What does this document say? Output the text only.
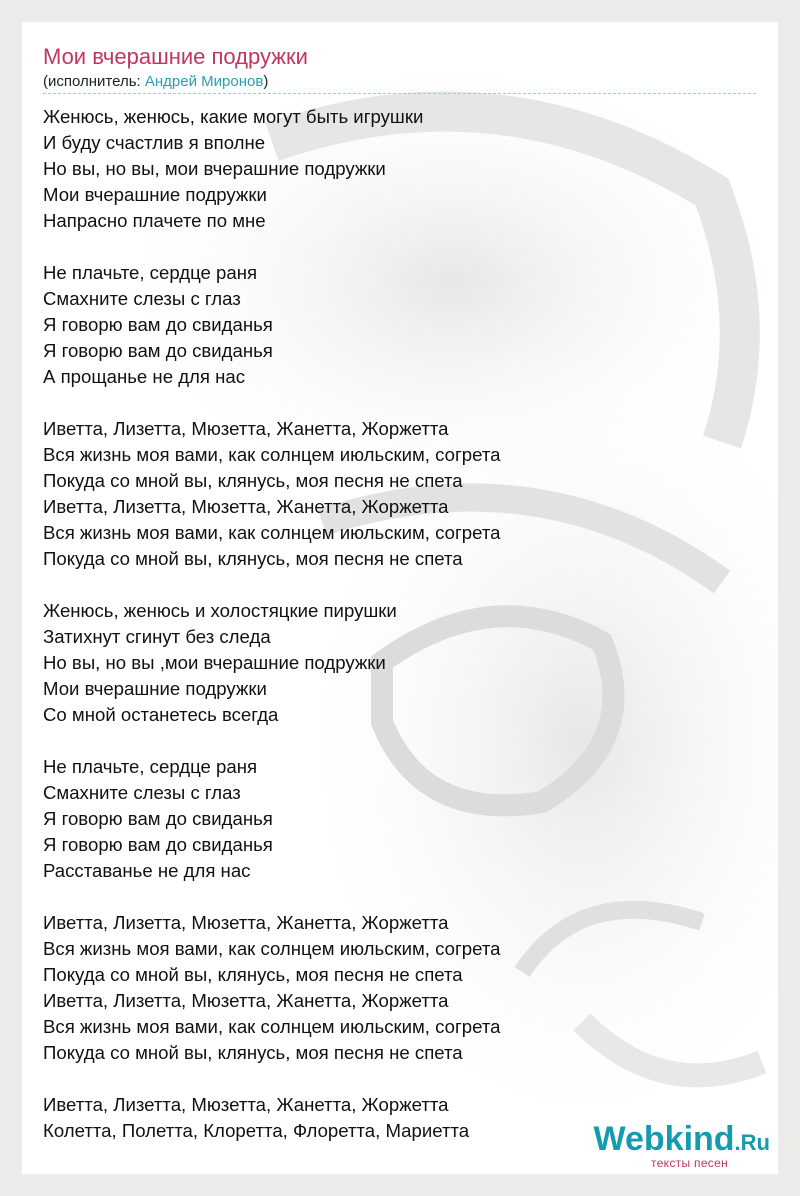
Мои вчерашние подружки
(исполнитель: Андрей Миронов)
Женюсь, женюсь, какие могут быть игрушки
И буду счастлив я вполне
Но вы, но вы, мои вчерашние подружки
Мои вчерашние подружки
Напрасно плачете по мне
Не плачьте, сердце раня
Смахните слезы с глаз
Я говорю вам до свиданья
Я говорю вам до свиданья
А прощанье не для нас
Иветта, Лизетта, Мюзетта, Жанетта, Жоржетта
Вся жизнь моя вами, как солнцем июльским, согрета
Покуда со мной вы, клянусь, моя песня не спета
Иветта, Лизетта, Мюзетта, Жанетта, Жоржетта
Вся жизнь моя вами, как солнцем июльским, согрета
Покуда со мной вы, клянусь, моя песня не спета
Женюсь, женюсь и холостяцкие пирушки
Затихнут сгинут без следа
Но вы, но вы ,мои вчерашние подружки
Мои вчерашние подружки
Со мной останетесь всегда
Не плачьте, сердце раня
Смахните слезы с глаз
Я говорю вам до свиданья
Я говорю вам до свиданья
Расставанье не для нас
Иветта, Лизетта, Мюзетта, Жанетта, Жоржетта
Вся жизнь моя вами, как солнцем июльским, согрета
Покуда со мной вы, клянусь, моя песня не спета
Иветта, Лизетта, Мюзетта, Жанетта, Жоржетта
Вся жизнь моя вами, как солнцем июльским, согрета
Покуда со мной вы, клянусь, моя песня не спета
Иветта, Лизетта, Мюзетта, Жанетта, Жоржетта
Колетта, Полетта, Клоретта, Флоретта, Мариетта	Webkind.Ru
тексты песен
